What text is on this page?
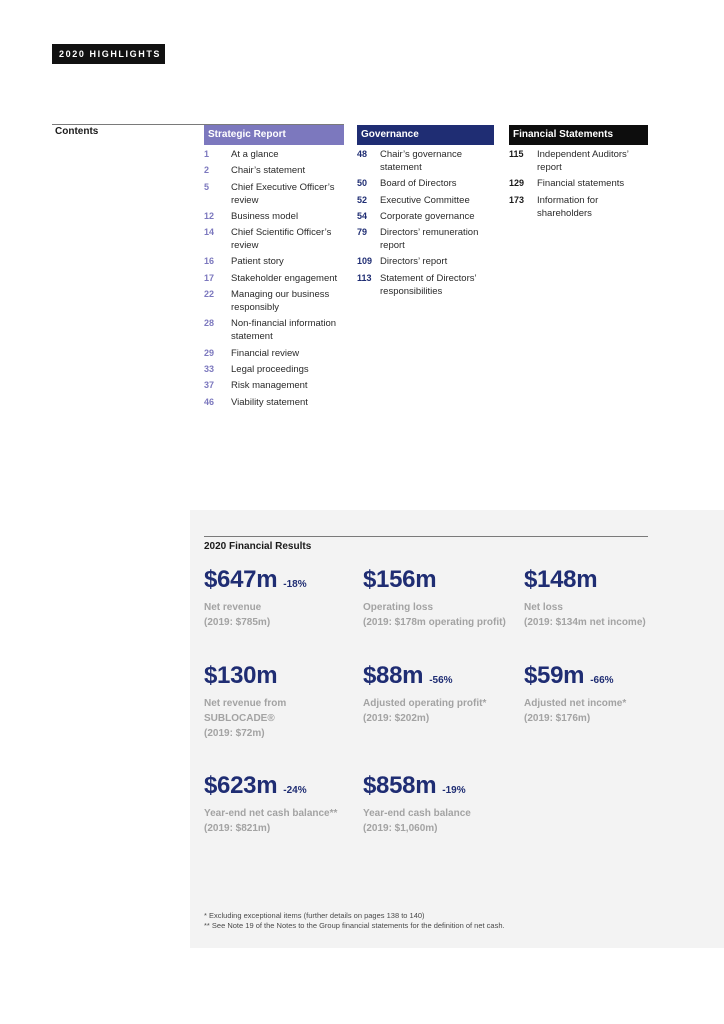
2020 HIGHLIGHTS
Contents	Strategic Report
1	At a glance
2	Chair’s statement
5	Chief Executive Officer’s review
12	Business model
14	Chief Scientific Officer’s review
16	Patient story
17	Stakeholder engagement
22	Managing our business responsibly
28	Non-financial information statement
29	Financial review
33	Legal proceedings
37	Risk management
46	Viability statement
Governance
48	Chair’s governance statement
50	Board of Directors
52	Executive Committee
54	Corporate governance
79	Directors’ remuneration report
109 Directors’ report
113 Statement of Directors’ responsibilities
Financial Statements
115	Independent Auditors’ report
129	Financial statements
173	Information for shareholders
2020 Financial Results
$647m -18%
Net revenue
(2019: $785m)
$156m
Operating loss
(2019: $178m operating profit)
$148m
Net loss
(2019: $134m net income)
$130m
Net revenue from
SUBLOCADE®
(2019: $72m)
$88m -56%
Adjusted operating profit*
(2019: $202m)
$59m -66%
Adjusted net income*
(2019: $176m)
$623m -24%
Year-end net cash balance**
(2019: $821m)
$858m -19%
Year-end cash balance
(2019: $1,060m)
* Excluding exceptional items (further details on pages 138 to 140)
** See Note 19 of the Notes to the Group financial statements for the definition of net cash.
